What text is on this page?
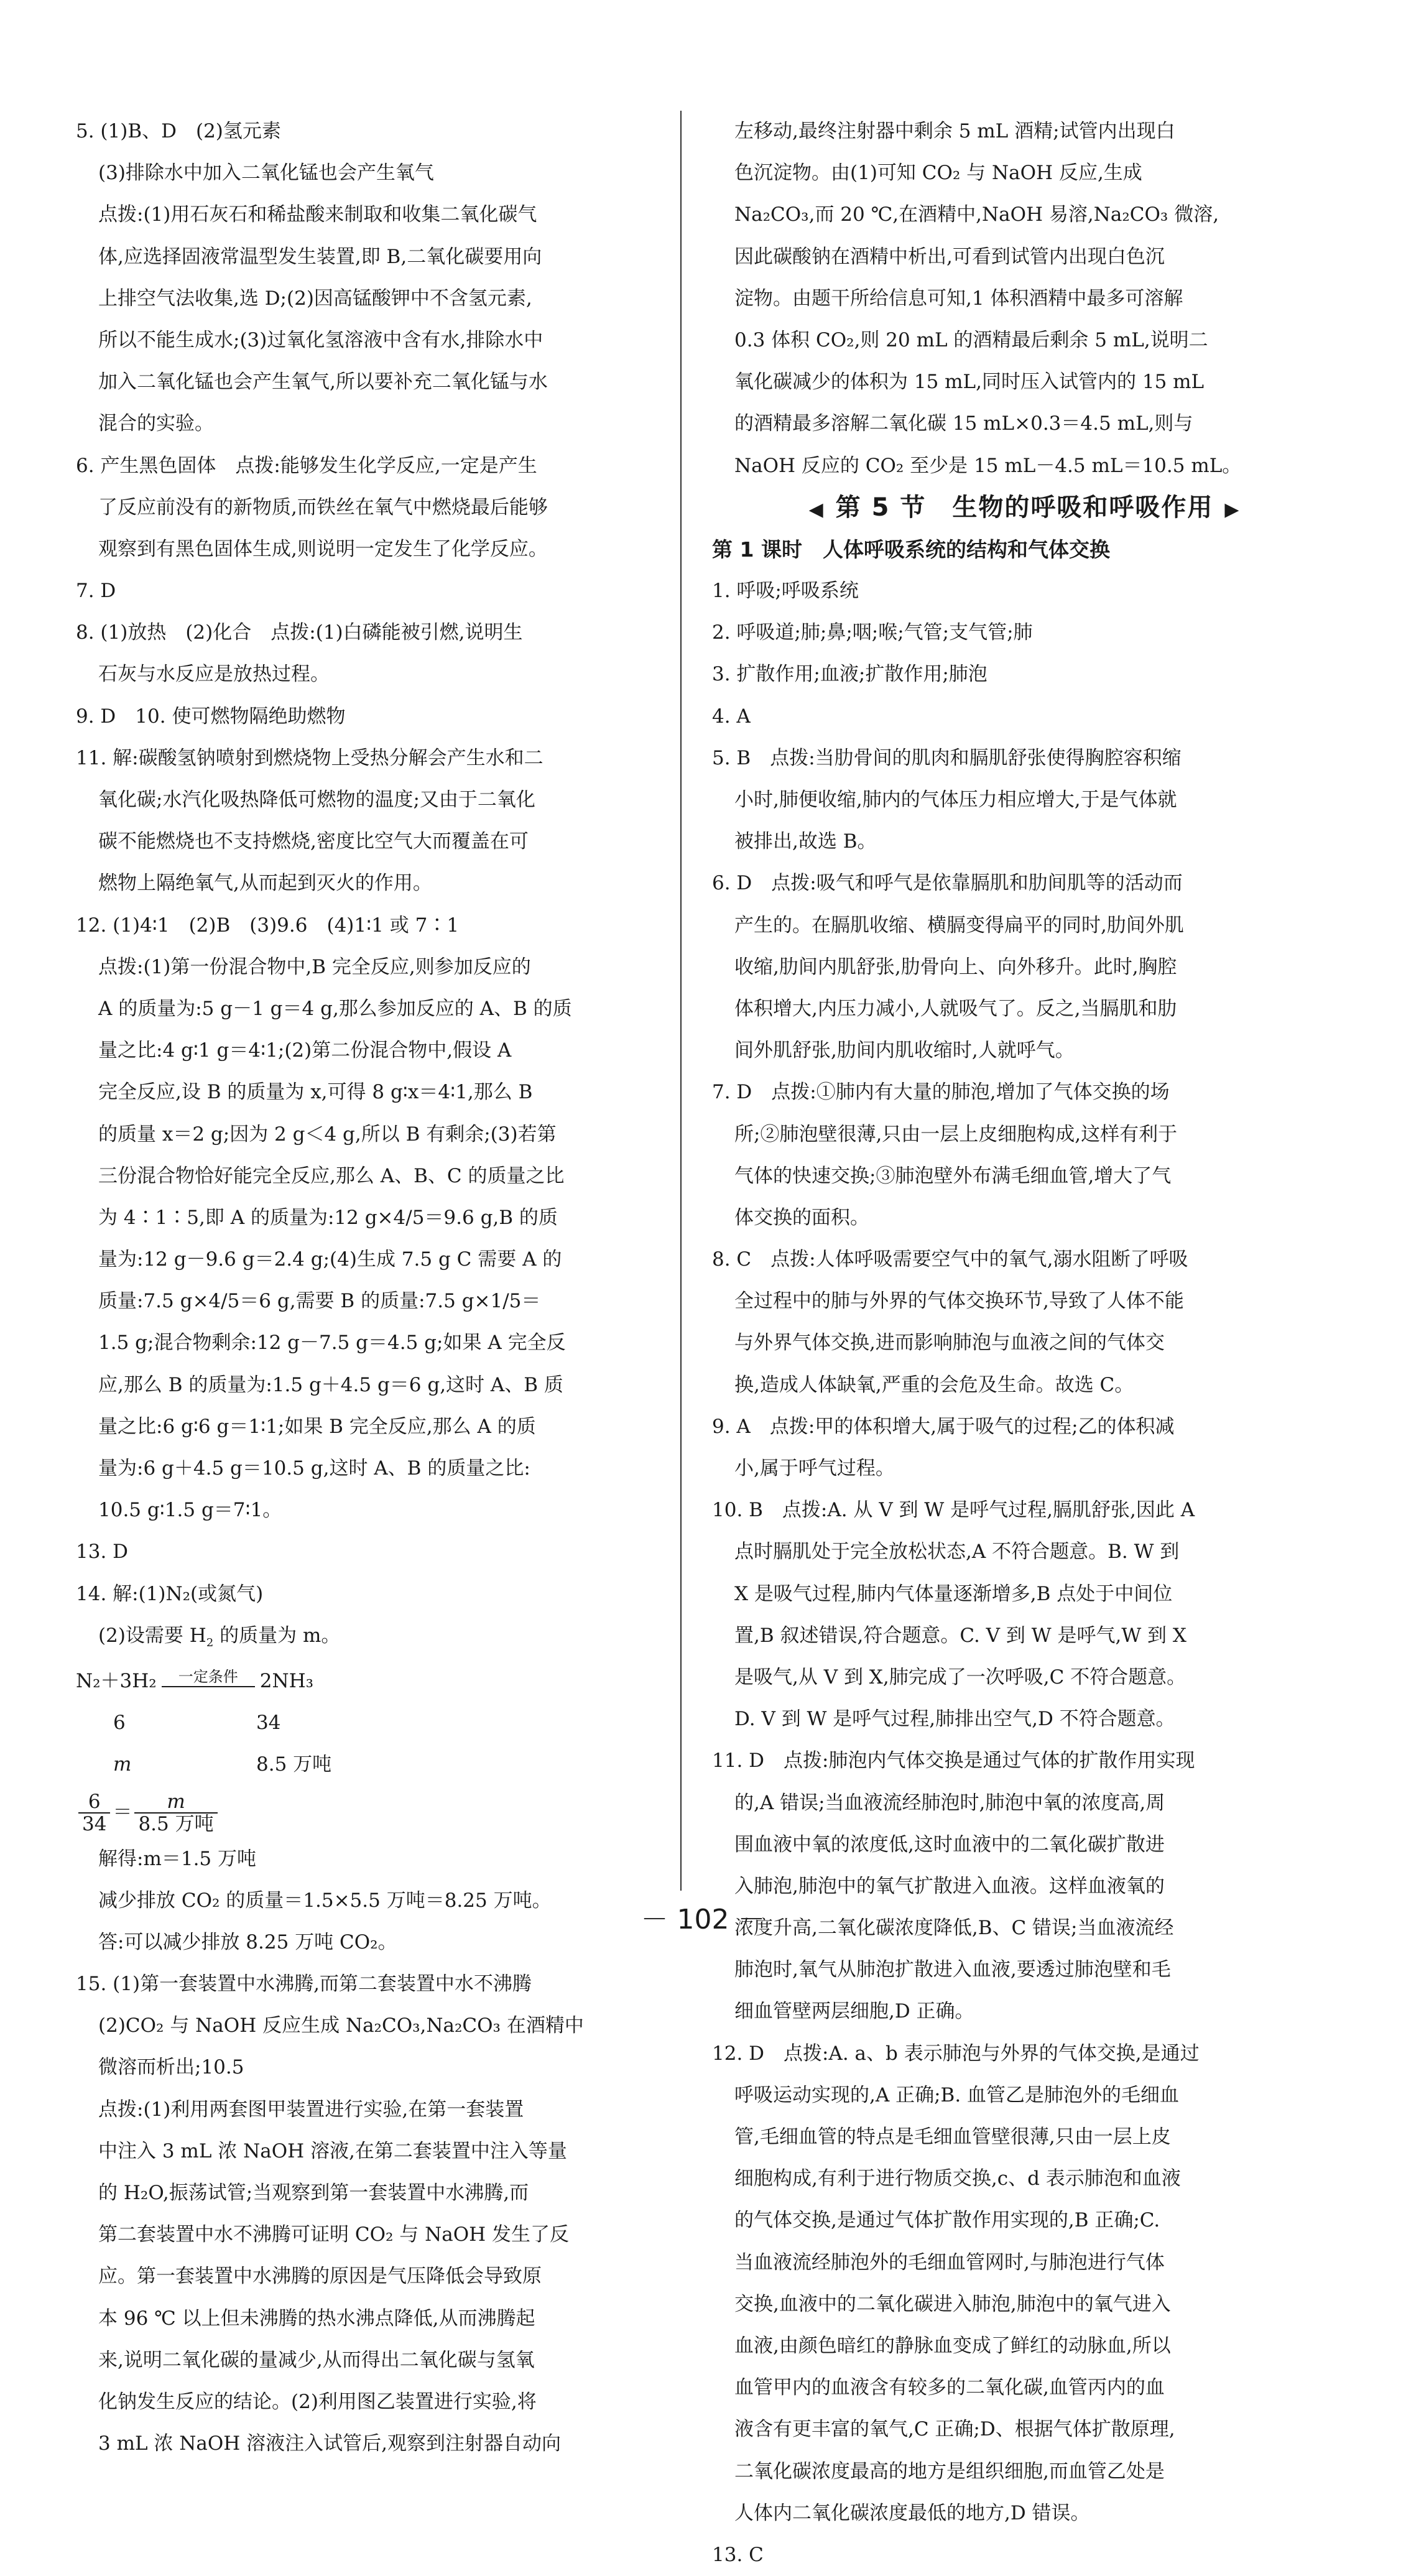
5. (1)B、D　(2)氢元素
(3)排除水中加入二氧化锰也会产生氧气
点拨:(1)用石灰石和稀盐酸来制取和收集二氧化碳气
体,应选择固液常温型发生装置,即 B,二氧化碳要用向
上排空气法收集,选 D;(2)因高锰酸钾中不含氢元素,
所以不能生成水;(3)过氧化氢溶液中含有水,排除水中
加入二氧化锰也会产生氧气,所以要补充二氧化锰与水
混合的实验。
6. 产生黑色固体　点拨:能够发生化学反应,一定是产生
了反应前没有的新物质,而铁丝在氧气中燃烧最后能够
观察到有黑色固体生成,则说明一定发生了化学反应。
7. D
8. (1)放热　(2)化合　点拨:(1)白磷能被引燃,说明生
石灰与水反应是放热过程。
9. D　10. 使可燃物隔绝助燃物
11. 解:碳酸氢钠喷射到燃烧物上受热分解会产生水和二
氧化碳;水汽化吸热降低可燃物的温度;又由于二氧化
碳不能燃烧也不支持燃烧,密度比空气大而覆盖在可
燃物上隔绝氧气,从而起到灭火的作用。
12. (1)4∶1　(2)B　(3)9.6　(4)1∶1 或 7∶1
点拨:(1)第一份混合物中,B 完全反应,则参加反应的
A 的质量为:5 g－1 g＝4 g,那么参加反应的 A、B 的质
量之比:4 g∶1 g＝4∶1;(2)第二份混合物中,假设 A
完全反应,设 B 的质量为 x,可得 8 g∶x＝4∶1,那么 B
的质量 x＝2 g;因为 2 g＜4 g,所以 B 有剩余;(3)若第
三份混合物恰好能完全反应,那么 A、B、C 的质量之比
为 4∶1∶5,即 A 的质量为:12 g×4/5＝9.6 g,B 的质
量为:12 g－9.6 g＝2.4 g;(4)生成 7.5 g C 需要 A 的
质量:7.5 g×4/5＝6 g,需要 B 的质量:7.5 g×1/5＝
1.5 g;混合物剩余:12 g－7.5 g＝4.5 g;如果 A 完全反
应,那么 B 的质量为:1.5 g＋4.5 g＝6 g,这时 A、B 质
量之比:6 g∶6 g＝1∶1;如果 B 完全反应,那么 A 的质
量为:6 g＋4.5 g＝10.5 g,这时 A、B 的质量之比:
10.5 g∶1.5 g＝7∶1。
13. D
14. 解:(1)N₂(或氮气)
(2)设需要 $H_2$ 的质量为 m。
N₂＋3H₂	一定条件	2NH₃
6	34
m	8.5 万吨
$\frac{6}{34} = \frac{m}{\text{8.5 万吨}}$
解得:m＝1.5 万吨
减少排放 CO₂ 的质量＝1.5×5.5 万吨＝8.25 万吨。
答:可以减少排放 8.25 万吨 CO₂。
15. (1)第一套装置中水沸腾,而第二套装置中水不沸腾
(2)CO₂ 与 NaOH 反应生成 Na₂CO₃,Na₂CO₃ 在酒精中
微溶而析出;10.5
点拨:(1)利用两套图甲装置进行实验,在第一套装置
中注入 3 mL 浓 NaOH 溶液,在第二套装置中注入等量
的 H₂O,振荡试管;当观察到第一套装置中水沸腾,而
第二套装置中水不沸腾可证明 CO₂ 与 NaOH 发生了反
应。第一套装置中水沸腾的原因是气压降低会导致原
本 96 ℃ 以上但未沸腾的热水沸点降低,从而沸腾起
来,说明二氧化碳的量减少,从而得出二氧化碳与氢氧
化钠发生反应的结论。(2)利用图乙装置进行实验,将
3 mL 浓 NaOH 溶液注入试管后,观察到注射器自动向
左移动,最终注射器中剩余 5 mL 酒精;试管内出现白
色沉淀物。由(1)可知 CO₂ 与 NaOH 反应,生成
Na₂CO₃,而 20 ℃,在酒精中,NaOH 易溶,Na₂CO₃ 微溶,
因此碳酸钠在酒精中析出,可看到试管内出现白色沉
淀物。由题干所给信息可知,1 体积酒精中最多可溶解
0.3 体积 CO₂,则 20 mL 的酒精最后剩余 5 mL,说明二
氧化碳减少的体积为 15 mL,同时压入试管内的 15 mL
的酒精最多溶解二氧化碳 15 mL×0.3＝4.5 mL,则与
NaOH 反应的 CO₂ 至少是 15 mL－4.5 mL＝10.5 mL。
◀ 第 5 节　生物的呼吸和呼吸作用 ▶
第 1 课时　人体呼吸系统的结构和气体交换
1. 呼吸;呼吸系统
2. 呼吸道;肺;鼻;咽;喉;气管;支气管;肺
3. 扩散作用;血液;扩散作用;肺泡
4. A
5. B　点拨:当肋骨间的肌肉和膈肌舒张使得胸腔容积缩
小时,肺便收缩,肺内的气体压力相应增大,于是气体就
被排出,故选 B。
6. D　点拨:吸气和呼气是依靠膈肌和肋间肌等的活动而
产生的。在膈肌收缩、横膈变得扁平的同时,肋间外肌
收缩,肋间内肌舒张,肋骨向上、向外移升。此时,胸腔
体积增大,内压力减小,人就吸气了。反之,当膈肌和肋
间外肌舒张,肋间内肌收缩时,人就呼气。
7. D　点拨:①肺内有大量的肺泡,增加了气体交换的场
所;②肺泡壁很薄,只由一层上皮细胞构成,这样有利于
气体的快速交换;③肺泡壁外布满毛细血管,增大了气
体交换的面积。
8. C　点拨:人体呼吸需要空气中的氧气,溺水阻断了呼吸
全过程中的肺与外界的气体交换环节,导致了人体不能
与外界气体交换,进而影响肺泡与血液之间的气体交
换,造成人体缺氧,严重的会危及生命。故选 C。
9. A　点拨:甲的体积增大,属于吸气的过程;乙的体积减
小,属于呼气过程。
10. B　点拨:A. 从 V 到 W 是呼气过程,膈肌舒张,因此 A
点时膈肌处于完全放松状态,A 不符合题意。B. W 到
X 是吸气过程,肺内气体量逐渐增多,B 点处于中间位
置,B 叙述错误,符合题意。C. V 到 W 是呼气,W 到 X
是吸气,从 V 到 X,肺完成了一次呼吸,C 不符合题意。
D. V 到 W 是呼气过程,肺排出空气,D 不符合题意。
11. D　点拨:肺泡内气体交换是通过气体的扩散作用实现
的,A 错误;当血液流经肺泡时,肺泡中氧的浓度高,周
围血液中氧的浓度低,这时血液中的二氧化碳扩散进
入肺泡,肺泡中的氧气扩散进入血液。这样血液氧的
浓度升高,二氧化碳浓度降低,B、C 错误;当血液流经
肺泡时,氧气从肺泡扩散进入血液,要透过肺泡壁和毛
细血管壁两层细胞,D 正确。
12. D　点拨:A. a、b 表示肺泡与外界的气体交换,是通过
呼吸运动实现的,A 正确;B. 血管乙是肺泡外的毛细血
管,毛细血管的特点是毛细血管壁很薄,只由一层上皮
细胞构成,有利于进行物质交换,c、d 表示肺泡和血液
的气体交换,是通过气体扩散作用实现的,B 正确;C.
当血液流经肺泡外的毛细血管网时,与肺泡进行气体
交换,血液中的二氧化碳进入肺泡,肺泡中的氧气进入
血液,由颜色暗红的静脉血变成了鲜红的动脉血,所以
血管甲内的血液含有较多的二氧化碳,血管丙内的血
液含有更丰富的氧气,C 正确;D、根据气体扩散原理,
二氧化碳浓度最高的地方是组织细胞,而血管乙处是
人体内二氧化碳浓度最低的地方,D 错误。
13. C
－ 102 －
